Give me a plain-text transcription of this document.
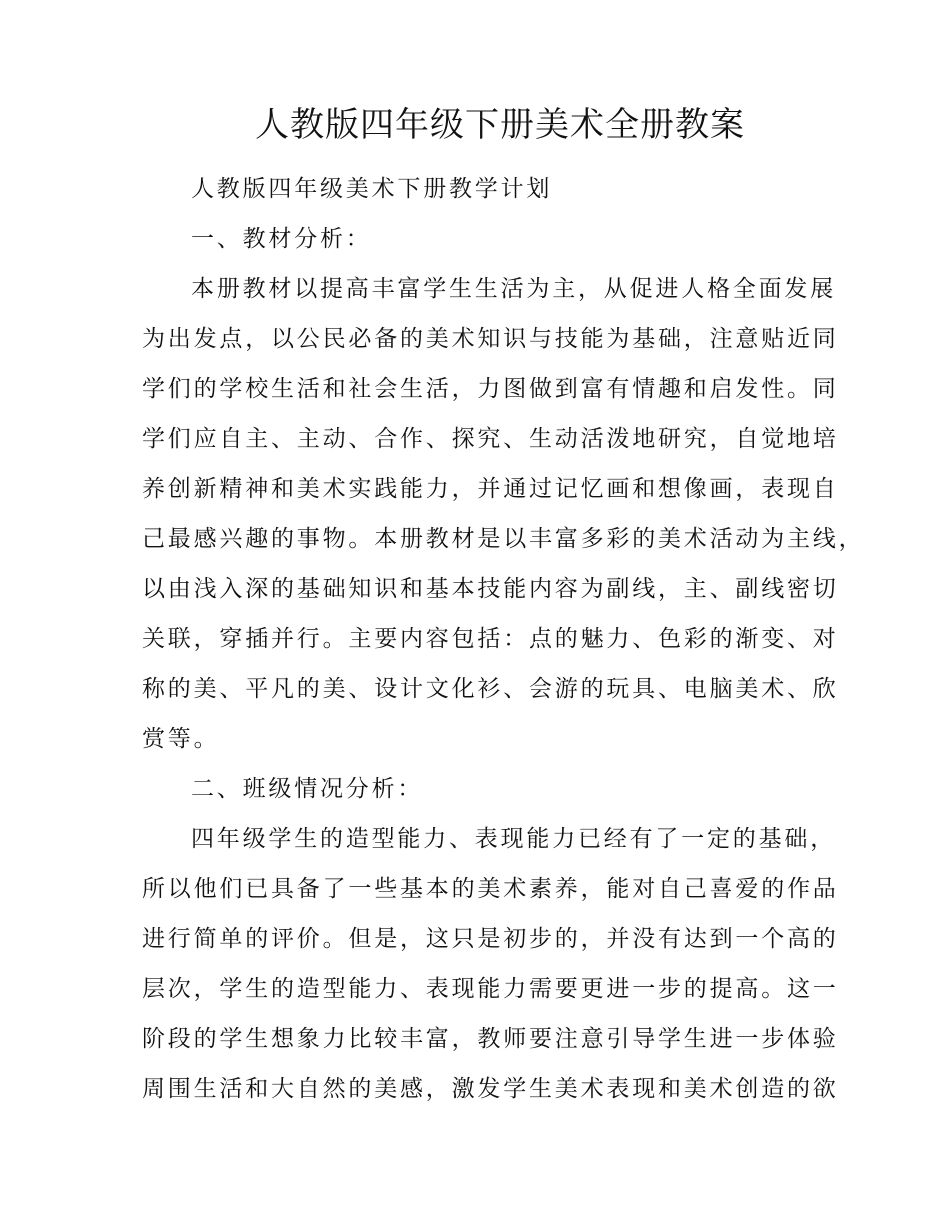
人教版四年级下册美术全册教案
人教版四年级美术下册教学计划
一、教材分析：
本册教材以提高丰富学生生活为主，从促进人格全面发展
为出发点，以公民必备的美术知识与技能为基础，注意贴近同
学们的学校生活和社会生活，力图做到富有情趣和启发性。同
学们应自主、主动、合作、探究、生动活泼地研究，自觉地培
养创新精神和美术实践能力，并通过记忆画和想像画，表现自
己最感兴趣的事物。本册教材是以丰富多彩的美术活动为主线，
以由浅入深的基础知识和基本技能内容为副线，主、副线密切
关联，穿插并行。主要内容包括：点的魅力、色彩的渐变、对
称的美、平凡的美、设计文化衫、会游的玩具、电脑美术、欣
赏等。
二、班级情况分析：
四年级学生的造型能力、表现能力已经有了一定的基础，
所以他们已具备了一些基本的美术素养，能对自己喜爱的作品
进行简单的评价。但是，这只是初步的，并没有达到一个高的
层次，学生的造型能力、表现能力需要更进一步的提高。这一
阶段的学生想象力比较丰富，教师要注意引导学生进一步体验
周围生活和大自然的美感，激发学生美术表现和美术创造的欲
